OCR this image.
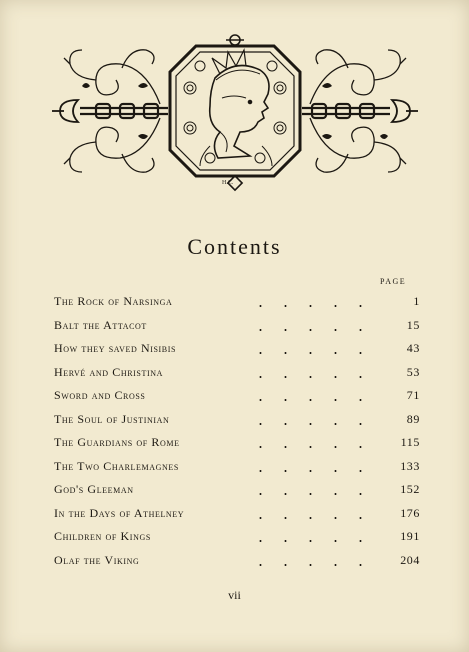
H.C.
Contents
PAGE
The Rock of Narsinga	1
Balt the Attacot	15
How they saved Nisibis	43
Hervé and Christina	53
Sword and Cross	71
The Soul of Justinian	89
The Guardians of Rome	115
The Two Charlemagnes	133
God's Gleeman	152
In the Days of Athelney	176
Children of Kings	191
Olaf the Viking	204
vii
